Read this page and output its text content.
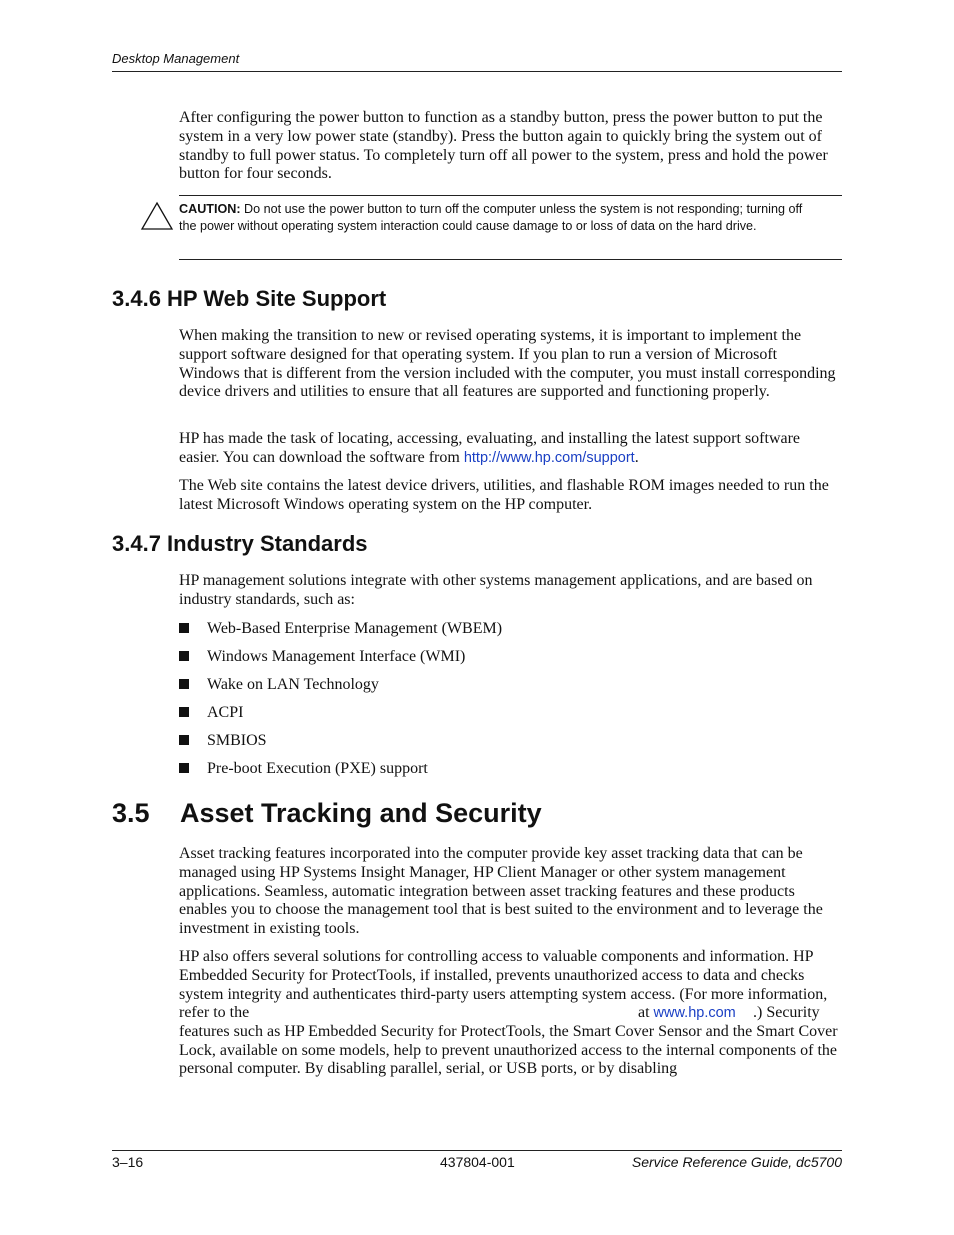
Desktop Management

After configuring the power button to function as a standby button, press the power button to put the system in a very low power state (standby). Press the button again to quickly bring the system out of standby to full power status. To completely turn off all power to the system, press and hold the power button for four seconds.

CAUTION: Do not use the power button to turn off the computer unless the system is not responding; turning off the power without operating system interaction could cause damage to or loss of data on the hard drive.

3.4.6 HP Web Site Support

When making the transition to new or revised operating systems, it is important to implement the support software designed for that operating system. If you plan to run a version of Microsoft Windows that is different from the version included with the computer, you must install corresponding device drivers and utilities to ensure that all features are supported and functioning properly.

HP has made the task of locating, accessing, evaluating, and installing the latest support software easier. You can download the software from http://www.hp.com/support.

The Web site contains the latest device drivers, utilities, and flashable ROM images needed to run the latest Microsoft Windows operating system on the HP computer.

3.4.7 Industry Standards

HP management solutions integrate with other systems management applications, and are based on industry standards, such as:

Web-Based Enterprise Management (WBEM)
Windows Management Interface (WMI)
Wake on LAN Technology
ACPI
SMBIOS
Pre-boot Execution (PXE) support
3.5 Asset Tracking and Security

Asset tracking features incorporated into the computer provide key asset tracking data that can be managed using HP Systems Insight Manager, HP Client Manager or other system management applications. Seamless, automatic integration between asset tracking features and these products enables you to choose the management tool that is best suited to the environment and to leverage the investment in existing tools.

HP also offers several solutions for controlling access to valuable components and information. HP Embedded Security for ProtectTools, if installed, prevents unauthorized access to data and checks system integrity and authenticates third-party users attempting system access. (For more information, refer to the	at www.hp.com	.) Security features such as HP Embedded Security for ProtectTools, the Smart Cover Sensor and the Smart Cover Lock, available on some models, help to prevent unauthorized access to the internal components of the personal computer. By disabling parallel, serial, or USB ports, or by disabling

3–16	437804-001	Service Reference Guide, dc5700
